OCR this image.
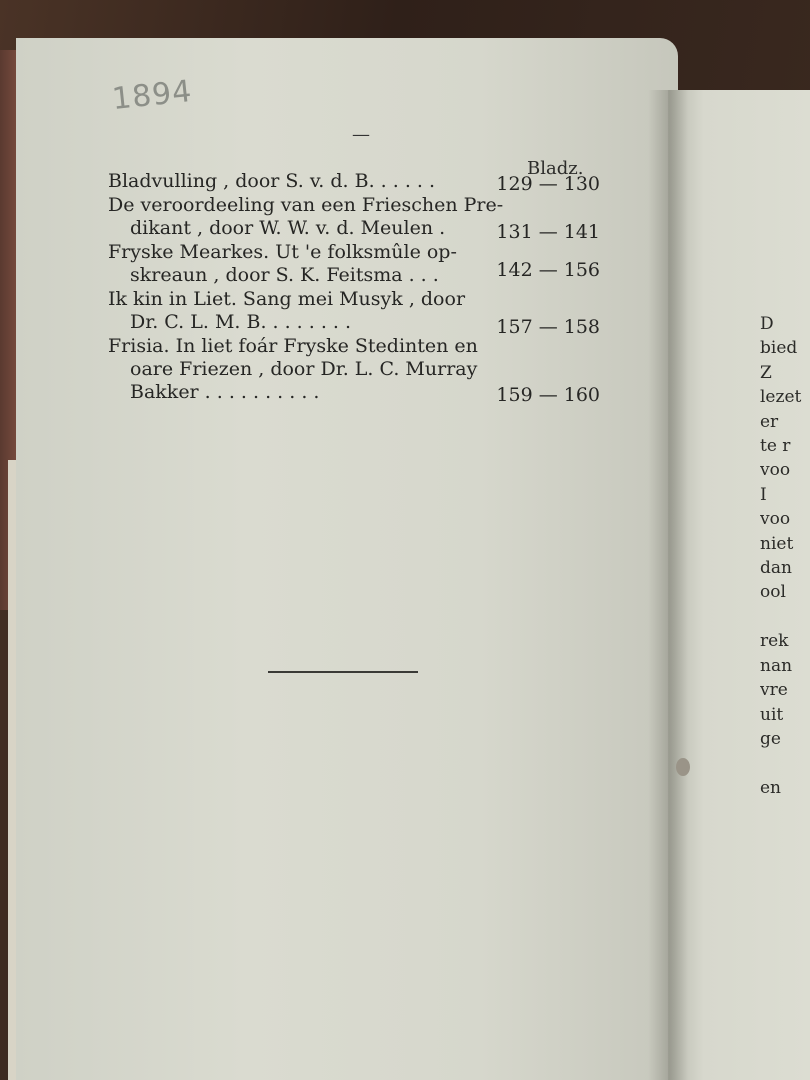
1894
—
Bladz.
Bladvulling , door S. v. d. B. . . . . .	129 — 130
De veroordeeling van een Frieschen Pre-
dikant , door W. W. v. d. Meulen .	131 — 141
Fryske Mearkes. Ut 'e folksmûle op-
skreaun , door S. K. Feitsma . . .	142 — 156
Ik kin in Liet. Sang mei Musyk , door
Dr. C. L. M. B. . . . . . . .	157 — 158
Frisia. In liet foár Fryske Stedinten en
oare Friezen , door Dr. L. C. Murray
Bakker . . . . . . . . . .	159 — 160
D
bied
Z
lezet
er
te r
voo
I
voo
niet
dan
ool

rek
nan
vre
uit
ge

en
